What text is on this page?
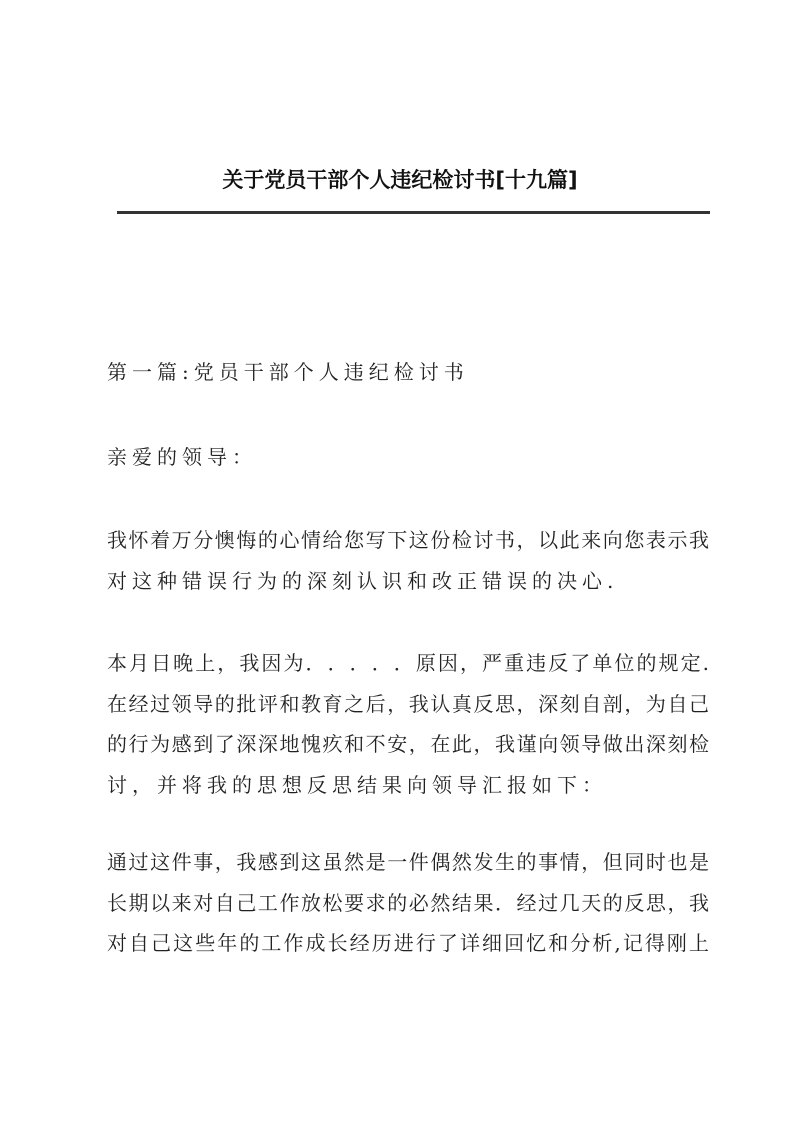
关于党员干部个人违纪检讨书[十九篇]
第一篇:党员干部个人违纪检讨书
亲爱的领导：
我​怀​着​万​分​懊​悔​的​心​情​给​您​写​下​这​份​检​讨​书​，​以​此​来​向​您​表​示​我
对这种错误行为的深刻认识和改正错误的决心.
本​月​日​晚​上​，​我​因​为​．​．​．​．​．​原​因​，​严​重​违​反​了​单​位​的​规​定​.
在​经​过​领​导​的​批​评​和​教​育​之​后​，​我​认​真​反​思​，​深​刻​自​剖​，​为​自​己
的​行​为​感​到​了​深​深​地​愧​疚​和​不​安​，​在​此​，​我​谨​向​领​导​做​出​深​刻​检
讨，并将我的思想反思结果向领导汇报如下：
通​过​这​件​事​，​我​感​到​这​虽​然​是​一​件​偶​然​发​生​的​事​情​，​但​同​时​也​是
长​期​以​来​对​自​己​工​作​放​松​要​求​的​必​然​结​果​．​经​过​几​天​的​反​思​，​我
对​自​己​这​些​年​的​工​作​成​长​经​历​进​行​了​详​细​回​忆​和​分​析​,​记​得​刚​上
